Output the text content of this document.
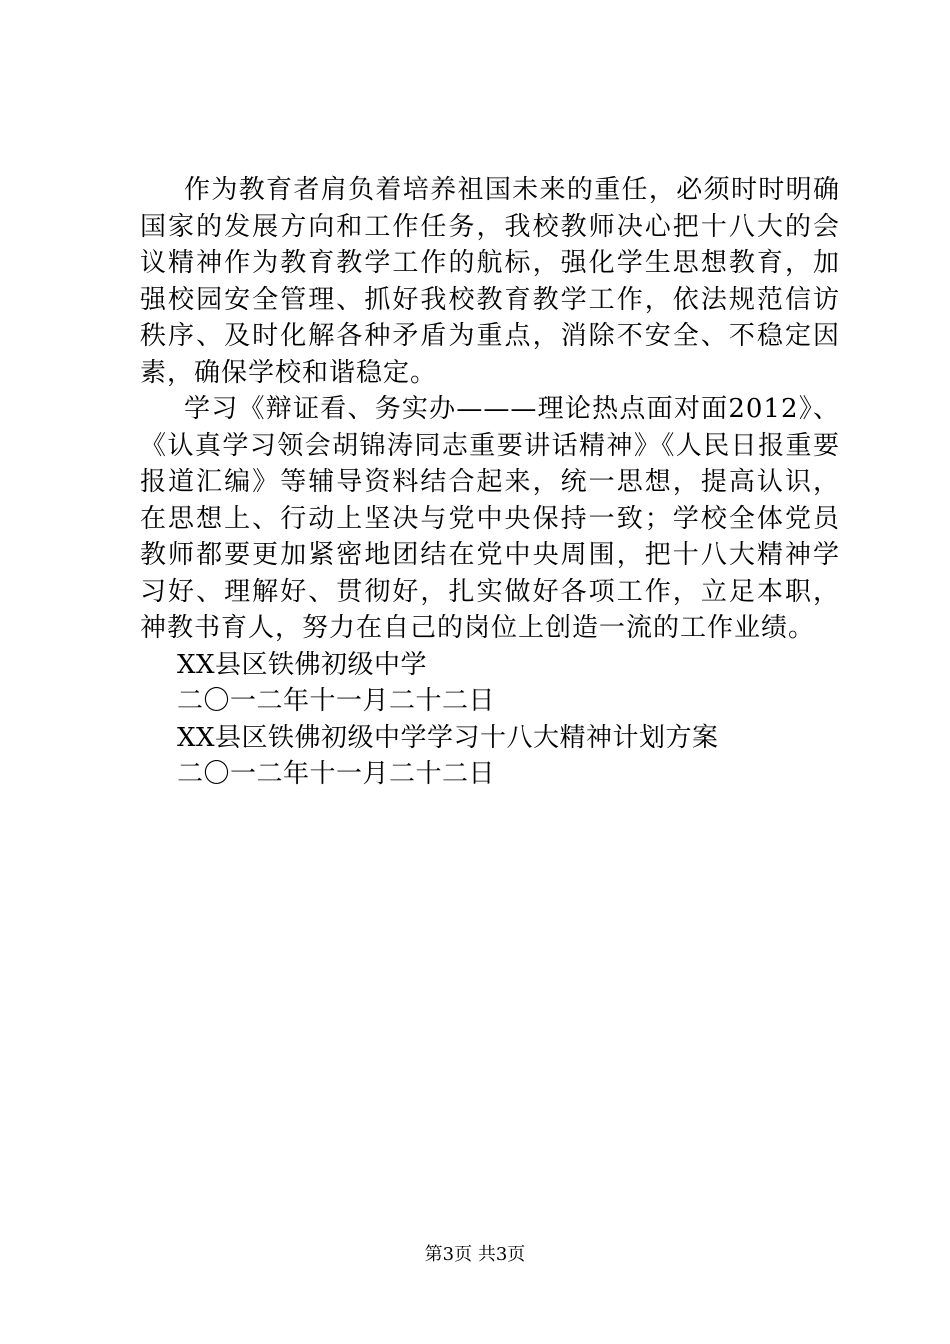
作为教育者肩负着培养祖国未来的重任，必须时时明确国家的发展方向和工作任务，我校教师决心把十八大的会议精神作为教育教学工作的航标，强化学生思想教育，加强校园安全管理、抓好我校教育教学工作，依法规范信访秩序、及时化解各种矛盾为重点，消除不安全、不稳定因素，确保学校和谐稳定。

学习《辩证看、务实办———理论热点面对面2012》、《认真学习领会胡锦涛同志重要讲话精神》《人民日报重要报道汇编》等辅导资料结合起来，统一思想，提高认识，在思想上、行动上坚决与党中央保持一致；学校全体党员教师都要更加紧密地团结在党中央周围，把十八大精神学习好、理解好、贯彻好，扎实做好各项工作，立足本职，神教书育人，努力在自己的岗位上创造一流的工作业绩。

XX县区铁佛初级中学

二〇一二年十一月二十二日

XX县区铁佛初级中学学习十八大精神计划方案

二〇一二年十一月二十二日

第3页 共3页
